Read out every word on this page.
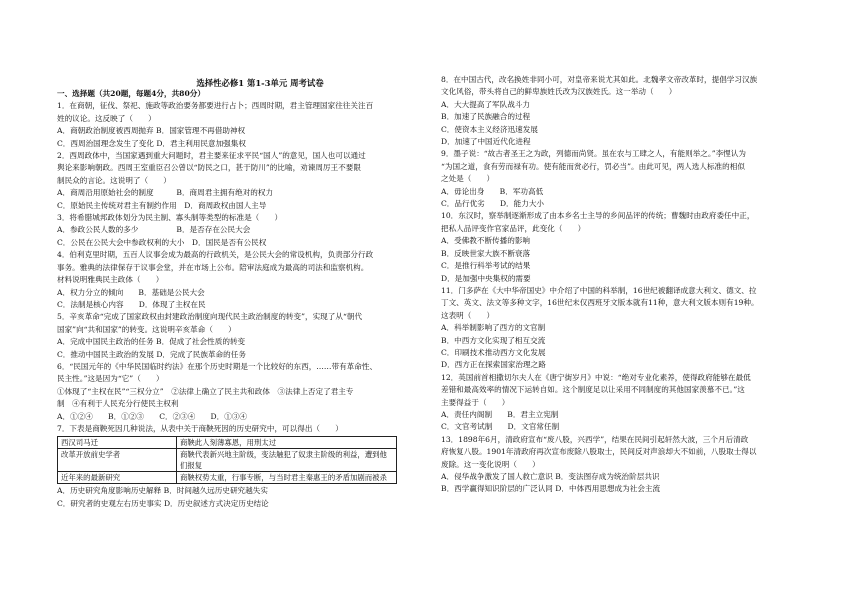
选择性必修1 第1-3单元 周考试卷

一、选择题（共20题，每题4分，共80分）

1．在商朝，征伐、祭祀、施政等政治要务都要进行占卜；西周时期，君主管理国家往往关注百

姓的议论。这反映了（　　）

A．商朝政治制度被西周抛弃 B．国家管理不再借助神权

C．西周治国理念发生了变化 D．君主利用民意加强集权

2．西周政体中，当国家遇到重大问题时，君主要来征求平民“国人”的意见，国人也可以通过

舆论来影响朝政。西周王室重臣召公曾以“防民之口，甚于防川”的比喻，劝谏周厉王不要限

制民众的言论。这说明了（　　）

A．商周沿用原始社会的制度　　　B．商周君主拥有绝对的权力

C．原始民主传统对君主有制约作用　D．商周政权由国人主导

3．将希腊城邦政体划分为民主制、寡头制等类型的标准是（　　）

A．参政公民人数的多少　　　　　B．是否存在公民大会

C．公民在公民大会中参政权利的大小　D．国民是否有公民权

4．伯利克里时期，五百人议事会成为最高的行政机关，是公民大会的常设机构，负责部分行政

事务。雅典的法律保存于议事会堂，并在市场上公布。陪审法庭成为最高的司法和监察机构。

材料说明雅典民主政体（　　）

A．权力分立的倾向　　B．基础是公民大会

C．法制是核心内容　　D．体现了主权在民

5．辛亥革命“完成了国家政权由封建政治制度向现代民主政治制度的转变”，实现了从“朝代

国家”向“共和国家”的转变。这说明辛亥革命（　　）

A．完成中国民主政治的任务 B．促成了社会性质的转变

C．推动中国民主政治的发展 D．完成了民族革命的任务

6．“民国元年的《中华民国临时约法》在那个历史时期是一个比较好的东西，……带有革命性、

民主性。”这是因为“它”（　　）

①体现了“主权在民”“三权分立”　②法律上确立了民主共和政体　③法律上否定了君主专

制　④有利于人民充分行使民主权利

A．①②④　　B．①②③　　C．②③④　　D．①③④

7．下表是商鞅死因几种说法，从表中关于商鞅死因的历史研究中，可以得出（　　）

西汉司马迁	商鞅此人刻薄寡恩，用刑太过
改革开放前史学者	商鞅代表新兴地主阶级，变法触犯了奴隶主阶级的利益，遭到他们报复
近年来的最新研究	商鞅权势太重，行事专断，与当时君主秦惠王的矛盾加剧而被杀

A．历史研究角度影响历史解释 B．时间越久远历史研究越失实

C．研究者的史观左右历史事实 D．历史叙述方式决定历史结论

8．在中国古代，改名换姓非同小可，对皇帝来说尤其如此。北魏孝文帝改革时，提倡学习汉族

文化风俗，带头将自己的鲜卑族姓氏改为汉族姓氏。这一举动（　　）

A．大大提高了军队战斗力

B．加速了民族融合的过程

C．使资本主义经济迅速发展

D．加速了中国近代化进程

9．墨子说：“故古者圣王之为政，列德而尚贤。虽在农与工肆之人，有能则举之。”李悝认为

“为国之道，食有劳而禄有功。使有能而赏必行，罚必当”。由此可见，两人选人标准的相似

之处是（　　）

A．毋论出身　　B．军功高低

C．品行优劣　　D．能力大小

10．东汉时，察举制逐渐形成了由本乡名士主导的乡间品评的传统；曹魏时由政府委任中正，

把私人品评变作官家品评，此变化（　　）

A．受佛教不断传播的影响

B．反映世家大族不断衰落

C．是推行科举考试的结果

D．是加强中央集权的需要

11．门多萨在《大中华帝国史》中介绍了中国的科举制，16世纪被翻译成意大利文、德文、拉

丁文、英文、法文等多种文字，16世纪末仅西班牙文版本就有11种，意大利文版本则有19种。

这表明（　　）

A．科举制影响了西方的文官制

B．中西方文化实现了相互交流

C．印刷技术推动西方文化发展

D．西方正在探索国家治理之路

12．英国前首相撒切尔夫人在《唐宁街岁月》中说：“绝对专业化素养，使得政府能够在最低

差错和最高效率的情况下运转自如。这个制度足以让采用不同制度的其他国家羡慕不已。”这

主要得益于（　　）

A．责任内阁制　　B．君主立宪制

C．文官考试制　　D．文官常任制

13．1898年6月，清政府宣布“废八股，兴西学”，结果在民间引起轩然大波，三个月后清政

府恢复八股。1901年清政府再次宣布废除八股取士，民间反对声浪却大不如前，八股取士得以

废除。这一变化说明（　　）

A．侵华战争激发了国人救亡意识 B．变法图存成为统治阶层共识

B．西学赢得知识阶层的广泛认同 D．中体西用思想成为社会主流
